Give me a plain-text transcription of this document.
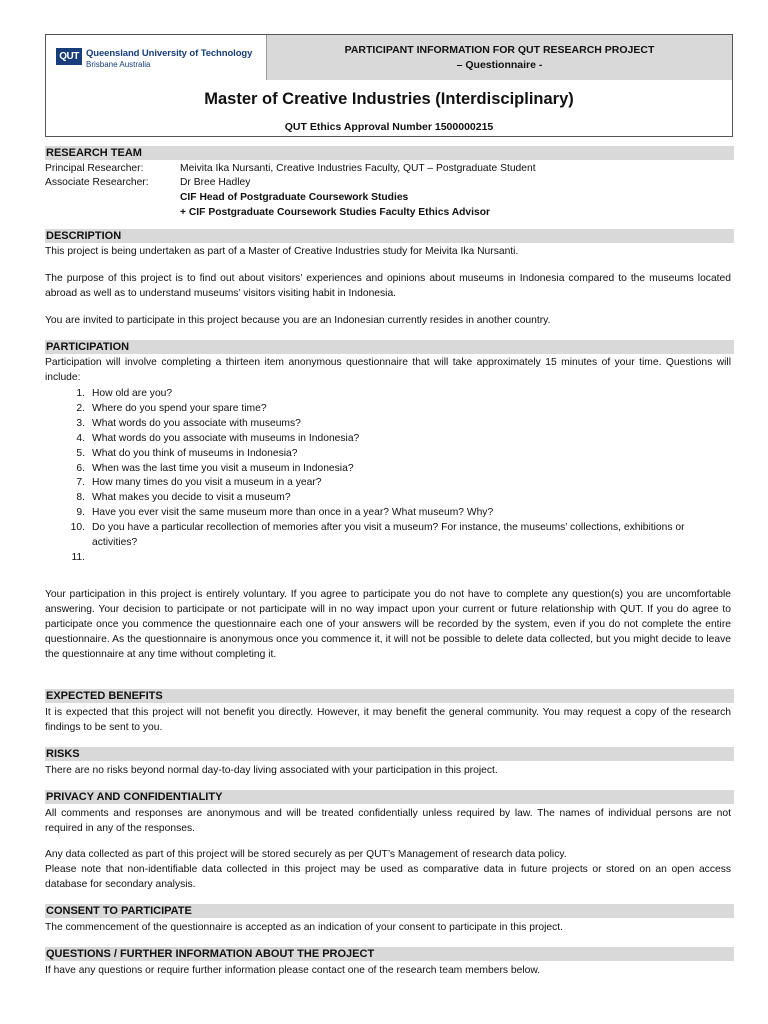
QUT Queensland University of Technology
Brisbane Australia
PARTICIPANT INFORMATION FOR QUT RESEARCH PROJECT
– Questionnaire -
Master of Creative Industries (Interdisciplinary)
QUT Ethics Approval Number 1500000215
RESEARCH TEAM
Principal Researcher:	Meivita Ika Nursanti, Creative Industries Faculty, QUT – Postgraduate Student
Associate Researcher:	Dr Bree Hadley
CIF Head of Postgraduate Coursework Studies
+ CIF Postgraduate Coursework Studies Faculty Ethics Advisor
DESCRIPTION
This project is being undertaken as part of a Master of Creative Industries study for Meivita Ika Nursanti.
The purpose of this project is to find out about visitors’ experiences and opinions about museums in Indonesia compared to the museums located abroad as well as to understand museums’ visitors visiting habit in Indonesia.
You are invited to participate in this project because you are an Indonesian currently resides in another country.
PARTICIPATION
Participation will involve completing a thirteen item anonymous questionnaire that will take approximately 15 minutes of your time. Questions will include:
1. How old are you?
2. Where do you spend your spare time?
3. What words do you associate with museums?
4. What words do you associate with museums in Indonesia?
5. What do you think of museums in Indonesia?
6. When was the last time you visit a museum in Indonesia?
7. How many times do you visit a museum in a year?
8. What makes you decide to visit a museum?
9. Have you ever visit the same museum more than once in a year? What museum? Why?
10. Do you have a particular recollection of memories after you visit a museum? For instance, the museums’ collections, exhibitions or activities?
11.
Your participation in this project is entirely voluntary. If you agree to participate you do not have to complete any question(s) you are uncomfortable answering. Your decision to participate or not participate will in no way impact upon your current or future relationship with QUT. If you do agree to participate once you commence the questionnaire each one of your answers will be recorded by the system, even if you do not complete the entire questionnaire. As the questionnaire is anonymous once you commence it, it will not be possible to delete data collected, but you might decide to leave the questionnaire at any time without completing it.
EXPECTED BENEFITS
It is expected that this project will not benefit you directly. However, it may benefit the general community. You may request a copy of the research findings to be sent to you.
RISKS
There are no risks beyond normal day-to-day living associated with your participation in this project.
PRIVACY AND CONFIDENTIALITY
All comments and responses are anonymous and will be treated confidentially unless required by law. The names of individual persons are not required in any of the responses.
Any data collected as part of this project will be stored securely as per QUT’s Management of research data policy.
Please note that non-identifiable data collected in this project may be used as comparative data in future projects or stored on an open access database for secondary analysis.
CONSENT TO PARTICIPATE
The commencement of the questionnaire is accepted as an indication of your consent to participate in this project.
QUESTIONS / FURTHER INFORMATION ABOUT THE PROJECT
If have any questions or require further information please contact one of the research team members below.
